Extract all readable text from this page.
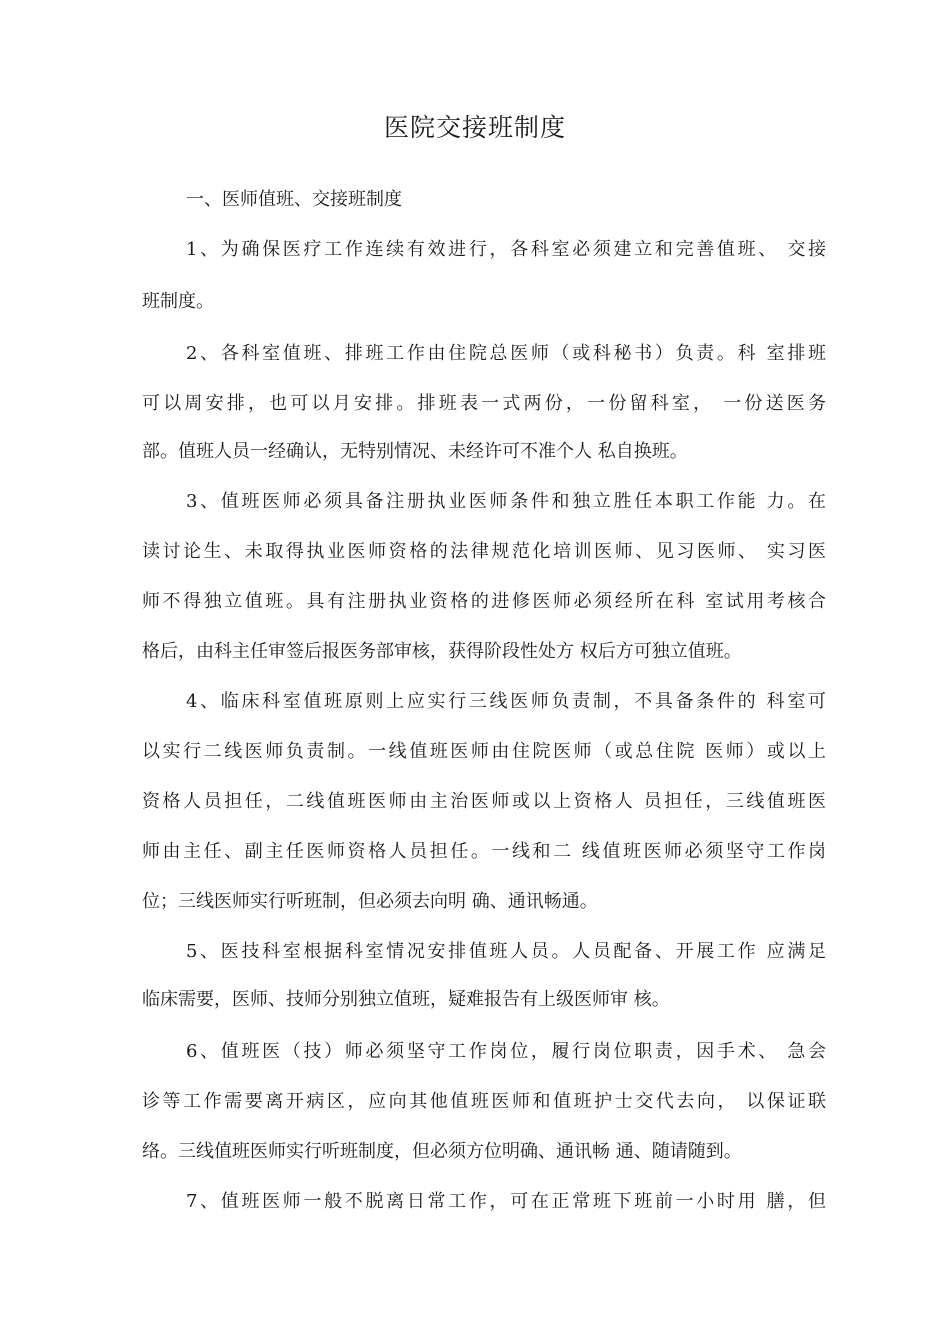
医院交接班制度
一、医师值班、交接班制度
1、为确保医疗工作连续有效进行，各科室必须建立和完善值班、 交接
班制度。
2、各科室值班、排班工作由住院总医师（或科秘书）负责。科 室排班
可以周安排，也可以月安排。排班表一式两份，一份留科室， 一份送医务
部。值班人员一经确认，无特别情况、未经许可不准个人 私自换班。
3、值班医师必须具备注册执业医师条件和独立胜任本职工作能 力。在
读讨论生、未取得执业医师资格的法律规范化培训医师、见习医师、 实习医
师不得独立值班。具有注册执业资格的进修医师必须经所在科 室试用考核合
格后，由科主任审签后报医务部审核，获得阶段性处方 权后方可独立值班。
4、临床科室值班原则上应实行三线医师负责制，不具备条件的 科室可
以实行二线医师负责制。一线值班医师由住院医师（或总住院 医师）或以上
资格人员担任，二线值班医师由主治医师或以上资格人 员担任，三线值班医
师由主任、副主任医师资格人员担任。一线和二 线值班医师必须坚守工作岗
位；三线医师实行听班制，但必须去向明 确、通讯畅通。
5、医技科室根据科室情况安排值班人员。人员配备、开展工作 应满足
临床需要，医师、技师分别独立值班，疑难报告有上级医师审 核。
6、值班医（技）师必须坚守工作岗位，履行岗位职责，因手术、 急会
诊等工作需要离开病区，应向其他值班医师和值班护士交代去向， 以保证联
络。三线值班医师实行听班制度，但必须方位明确、通讯畅 通、随请随到。
7、值班医师一般不脱离日常工作，可在正常班下班前一小时用 膳，但
